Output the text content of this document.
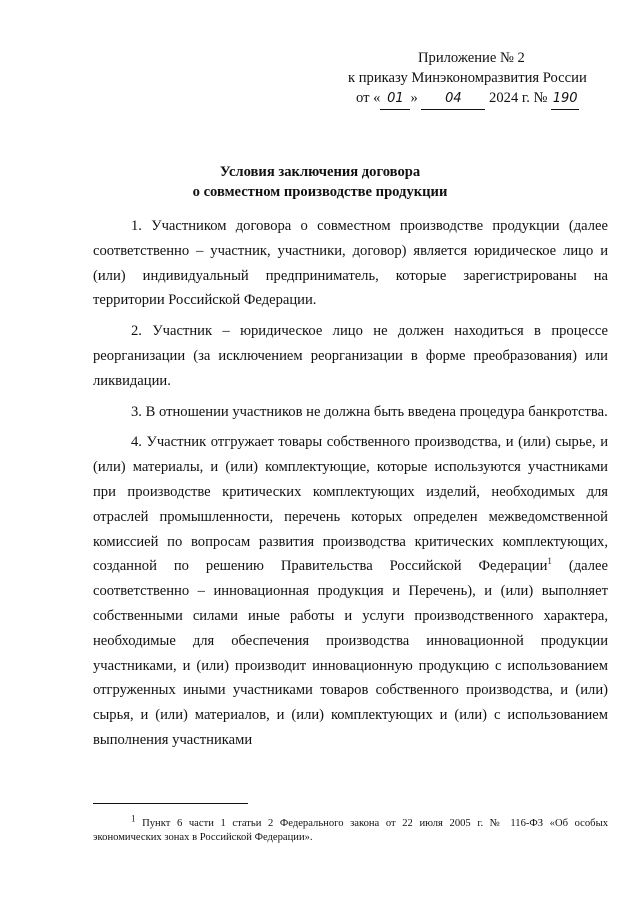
Приложение № 2
к приказу Минэкономразвития России
от « 01 » 04 2024 г. № 190
Условия заключения договора
о совместном производстве продукции

1. Участником договора о совместном производстве продукции (далее соответственно – участник, участники, договор) является юридическое лицо и (или) индивидуальный предприниматель, которые зарегистрированы на территории Российской Федерации.

2. Участник – юридическое лицо не должен находиться в процессе реорганизации (за исключением реорганизации в форме преобразования) или ликвидации.

3. В отношении участников не должна быть введена процедура банкротства.

4. Участник отгружает товары собственного производства, и (или) сырье, и (или) материалы, и (или) комплектующие, которые используются участниками при производстве критических комплектующих изделий, необходимых для отраслей промышленности, перечень которых определен межведомственной комиссией по вопросам развития производства критических комплектующих, созданной по решению Правительства Российской Федерации$^1$ (далее соответственно – инновационная продукция и Перечень), и (или) выполняет собственными силами иные работы и услуги производственного характера, необходимые для обеспечения производства инновационной продукции участниками, и (или) производит инновационную продукцию с использованием отгруженных иными участниками товаров собственного производства, и (или) сырья, и (или) материалов, и (или) комплектующих и (или) с использованием выполнения участниками

$^1$ Пункт 6 части 1 статьи 2 Федерального закона от 22 июля 2005 г. № 116-ФЗ «Об особых экономических зонах в Российской Федерации».
